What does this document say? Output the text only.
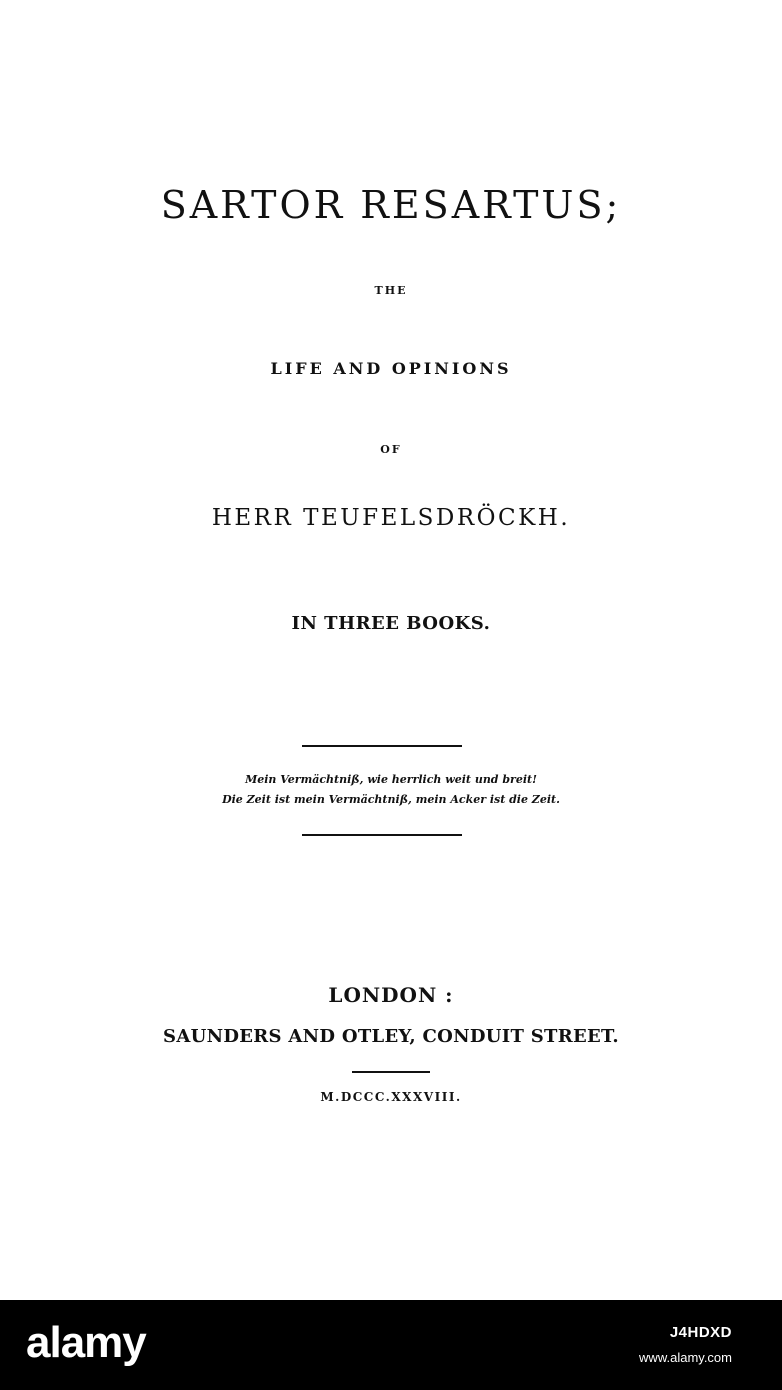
SARTOR RESARTUS;
THE
LIFE AND OPINIONS
OF
HERR TEUFELSDRÖCKH.
IN THREE BOOKS.
Mein Vermächtniß, wie herrlich weit und breit!
Die Zeit ist mein Vermächtniß, mein Acker ist die Zeit.
LONDON :
SAUNDERS AND OTLEY, CONDUIT STREET.
M.DCCC.XXXVIII.
alamy	J4HDXD
www.alamy.com
